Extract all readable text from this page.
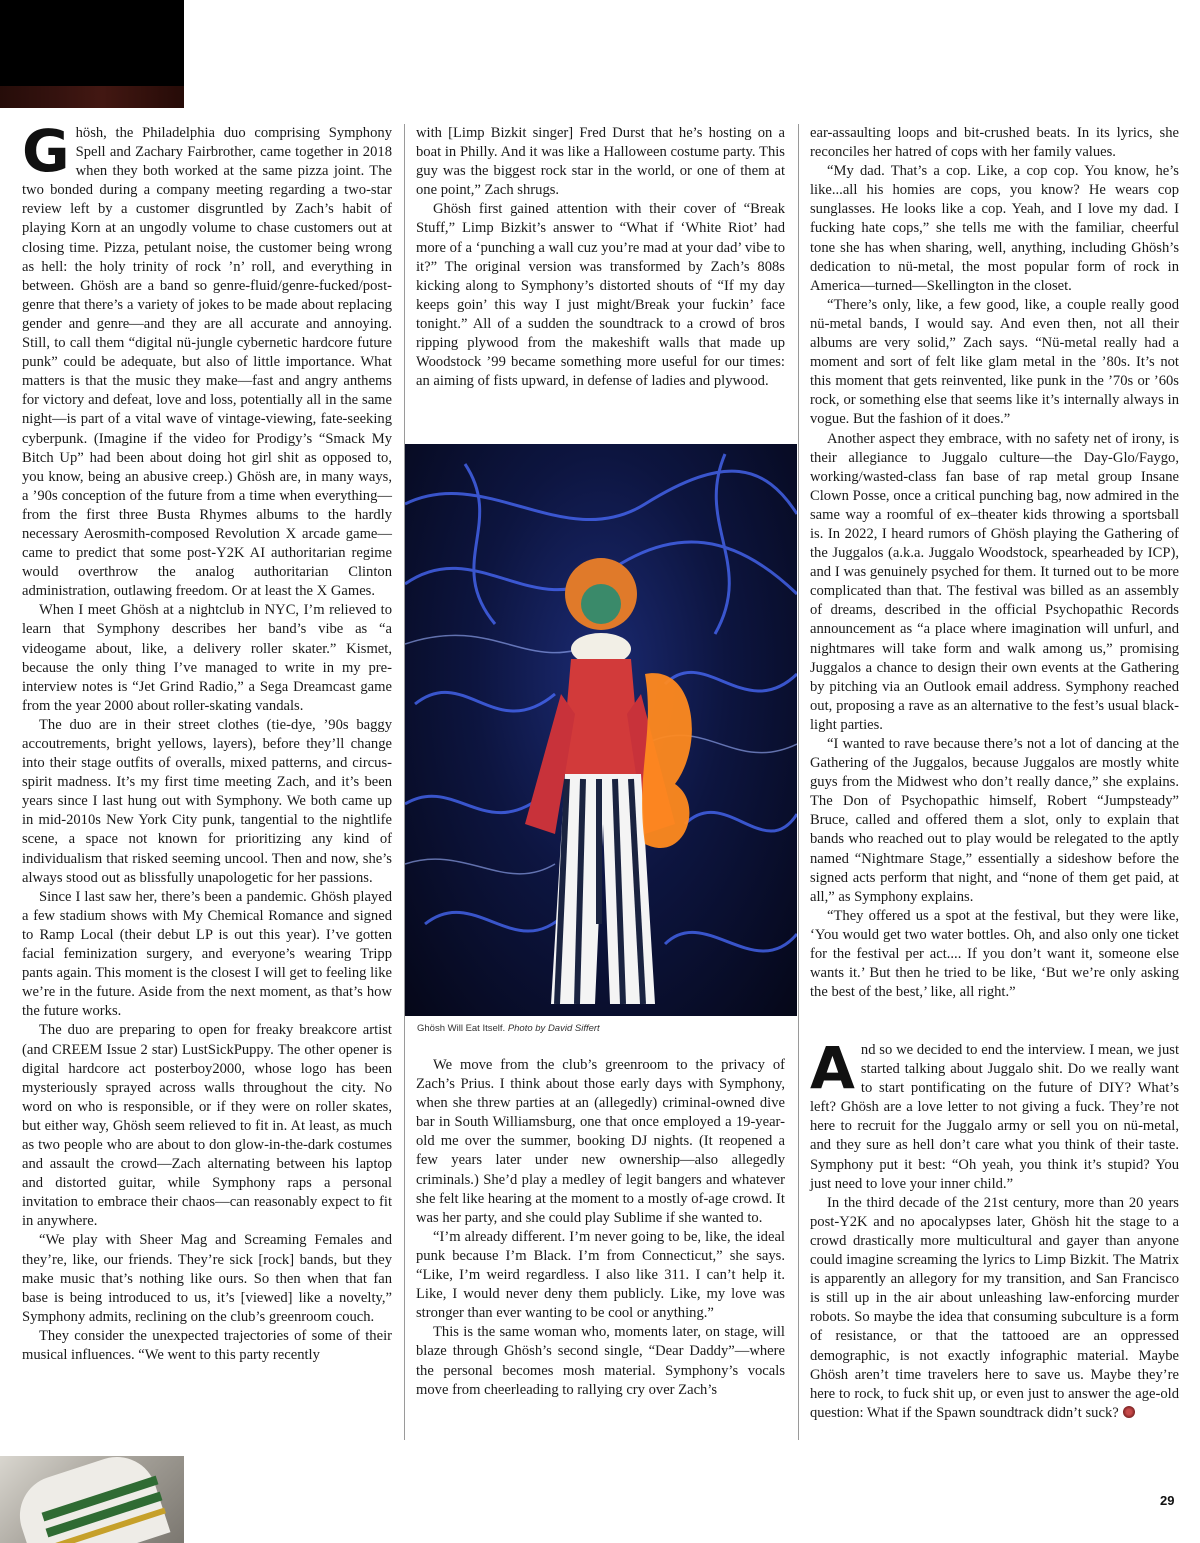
Ghösh, the Philadelphia duo comprising Symphony Spell and Zachary Fairbrother, came together in 2018 when they both worked at the same pizza joint. The two bonded during a company meeting regarding a two-star review left by a customer disgruntled by Zach’s habit of playing Korn at an ungodly volume to chase customers out at closing time. Pizza, petulant noise, the customer being wrong as hell: the holy trinity of rock ’n’ roll, and everything in between. Ghösh are a band so genre-fluid/genre-fucked/post-genre that there’s a variety of jokes to be made about replacing gender and genre—and they are all accurate and annoying. Still, to call them “digital nü-jungle cybernetic hardcore future punk” could be adequate, but also of little importance. What matters is that the music they make—fast and angry anthems for victory and defeat, love and loss, potentially all in the same night—is part of a vital wave of vintage-viewing, fate-seeking cyberpunk. (Imagine if the video for Prodigy’s “Smack My Bitch Up” had been about doing hot girl shit as opposed to, you know, being an abusive creep.) Ghösh are, in many ways, a ’90s conception of the future from a time when everything—from the first three Busta Rhymes albums to the hardly necessary Aerosmith-composed Revolution X arcade game—came to predict that some post-Y2K AI authoritarian regime would overthrow the analog authoritarian Clinton administration, outlawing freedom. Or at least the X Games.

When I meet Ghösh at a nightclub in NYC, I’m relieved to learn that Symphony describes her band’s vibe as “a videogame about, like, a delivery roller skater.” Kismet, because the only thing I’ve managed to write in my pre-interview notes is “Jet Grind Radio,” a Sega Dreamcast game from the year 2000 about roller-skating vandals.

The duo are in their street clothes (tie-dye, ’90s baggy accoutrements, bright yellows, layers), before they’ll change into their stage outfits of overalls, mixed patterns, and circus-spirit madness. It’s my first time meeting Zach, and it’s been years since I last hung out with Symphony. We both came up in mid-2010s New York City punk, tangential to the nightlife scene, a space not known for prioritizing any kind of individualism that risked seeming uncool. Then and now, she’s always stood out as blissfully unapologetic for her passions.

Since I last saw her, there’s been a pandemic. Ghösh played a few stadium shows with My Chemical Romance and signed to Ramp Local (their debut LP is out this year). I’ve gotten facial feminization surgery, and everyone’s wearing Tripp pants again. This moment is the closest I will get to feeling like we’re in the future. Aside from the next moment, as that’s how the future works.

The duo are preparing to open for freaky breakcore artist (and CREEM Issue 2 star) LustSickPuppy. The other opener is digital hardcore act posterboy2000, whose logo has been mysteriously sprayed across walls throughout the city. No word on who is responsible, or if they were on roller skates, but either way, Ghösh seem relieved to fit in. At least, as much as two people who are about to don glow-in-the-dark costumes and assault the crowd—Zach alternating between his laptop and distorted guitar, while Symphony raps a personal invitation to embrace their chaos—can reasonably expect to fit in anywhere.

“We play with Sheer Mag and Screaming Females and they’re, like, our friends. They’re sick [rock] bands, but they make music that’s nothing like ours. So then when that fan base is being introduced to us, it’s [viewed] like a novelty,” Symphony admits, reclining on the club’s greenroom couch.

They consider the unexpected trajectories of some of their musical influences. “We went to this party recently

with [Limp Bizkit singer] Fred Durst that he’s hosting on a boat in Philly. And it was like a Halloween costume party. This guy was the biggest rock star in the world, or one of them at one point,” Zach shrugs.

Ghösh first gained attention with their cover of “Break Stuff,” Limp Bizkit’s answer to “What if ‘White Riot’ had more of a ‘punching a wall cuz you’re mad at your dad’ vibe to it?” The original version was transformed by Zach’s 808s kicking along to Symphony’s distorted shouts of “If my day keeps goin’ this way I just might/Break your fuckin’ face tonight.” All of a sudden the soundtrack to a crowd of bros ripping plywood from the makeshift walls that made up Woodstock ’99 became something more useful for our times: an aiming of fists upward, in defense of ladies and plywood.

Ghösh Will Eat Itself. Photo by David Siffert

We move from the club’s greenroom to the privacy of Zach’s Prius. I think about those early days with Symphony, when she threw parties at an (allegedly) criminal-owned dive bar in South Williamsburg, one that once employed a 19-year-old me over the summer, booking DJ nights. (It reopened a few years later under new ownership—also allegedly criminals.) She’d play a medley of legit bangers and whatever she felt like hearing at the moment to a mostly of-age crowd. It was her party, and she could play Sublime if she wanted to.

“I’m already different. I’m never going to be, like, the ideal punk because I’m Black. I’m from Connecticut,” she says. “Like, I’m weird regardless. I also like 311. I can’t help it. Like, I would never deny them publicly. Like, my love was stronger than ever wanting to be cool or anything.”

This is the same woman who, moments later, on stage, will blaze through Ghösh’s second single, “Dear Daddy”—where the personal becomes mosh material. Symphony’s vocals move from cheerleading to rallying cry over Zach’s

ear-assaulting loops and bit-crushed beats. In its lyrics, she reconciles her hatred of cops with her family values.

“My dad. That’s a cop. Like, a cop cop. You know, he’s like...all his homies are cops, you know? He wears cop sunglasses. He looks like a cop. Yeah, and I love my dad. I fucking hate cops,” she tells me with the familiar, cheerful tone she has when sharing, well, anything, including Ghösh’s dedication to nü-metal, the most popular form of rock in America—turned—Skellington in the closet.

“There’s only, like, a few good, like, a couple really good nü-metal bands, I would say. And even then, not all their albums are very solid,” Zach says. “Nü-metal really had a moment and sort of felt like glam metal in the ’80s. It’s not this moment that gets reinvented, like punk in the ’70s or ’60s rock, or something else that seems like it’s internally always in vogue. But the fashion of it does.”

Another aspect they embrace, with no safety net of irony, is their allegiance to Juggalo culture—the Day-Glo/Faygo, working/wasted-class fan base of rap metal group Insane Clown Posse, once a critical punching bag, now admired in the same way a roomful of ex–theater kids throwing a sportsball is. In 2022, I heard rumors of Ghösh playing the Gathering of the Juggalos (a.k.a. Juggalo Woodstock, spearheaded by ICP), and I was genuinely psyched for them. It turned out to be more complicated than that. The festival was billed as an assembly of dreams, described in the official Psychopathic Records announcement as “a place where imagination will unfurl, and nightmares will take form and walk among us,” promising Juggalos a chance to design their own events at the Gathering by pitching via an Outlook email address. Symphony reached out, proposing a rave as an alternative to the fest’s usual black-light parties.

“I wanted to rave because there’s not a lot of dancing at the Gathering of the Juggalos, because Juggalos are mostly white guys from the Midwest who don’t really dance,” she explains. The Don of Psychopathic himself, Robert “Jumpsteady” Bruce, called and offered them a slot, only to explain that bands who reached out to play would be relegated to the aptly named “Nightmare Stage,” essentially a sideshow before the signed acts perform that night, and “none of them get paid, at all,” as Symphony explains.

“They offered us a spot at the festival, but they were like, ‘You would get two water bottles. Oh, and also only one ticket for the festival per act.... If you don’t want it, someone else wants it.’ But then he tried to be like, ‘But we’re only asking the best of the best,’ like, all right.”

And so we decided to end the interview. I mean, we just started talking about Juggalo shit. Do we really want to start pontificating on the future of DIY? What’s left? Ghösh are a love letter to not giving a fuck. They’re not here to recruit for the Juggalo army or sell you on nü-metal, and they sure as hell don’t care what you think of their taste. Symphony put it best: “Oh yeah, you think it’s stupid? You just need to love your inner child.”

In the third decade of the 21st century, more than 20 years post-Y2K and no apocalypses later, Ghösh hit the stage to a crowd drastically more multicultural and gayer than anyone could imagine screaming the lyrics to Limp Bizkit. The Matrix is apparently an allegory for my transition, and San Francisco is still up in the air about unleashing law-enforcing murder robots. So maybe the idea that consuming subculture is a form of resistance, or that the tattooed are an oppressed demographic, is not exactly infographic material. Maybe Ghösh aren’t time travelers here to save us. Maybe they’re here to rock, to fuck shit up, or even just to answer the age-old question: What if the Spawn soundtrack didn’t suck?

29
